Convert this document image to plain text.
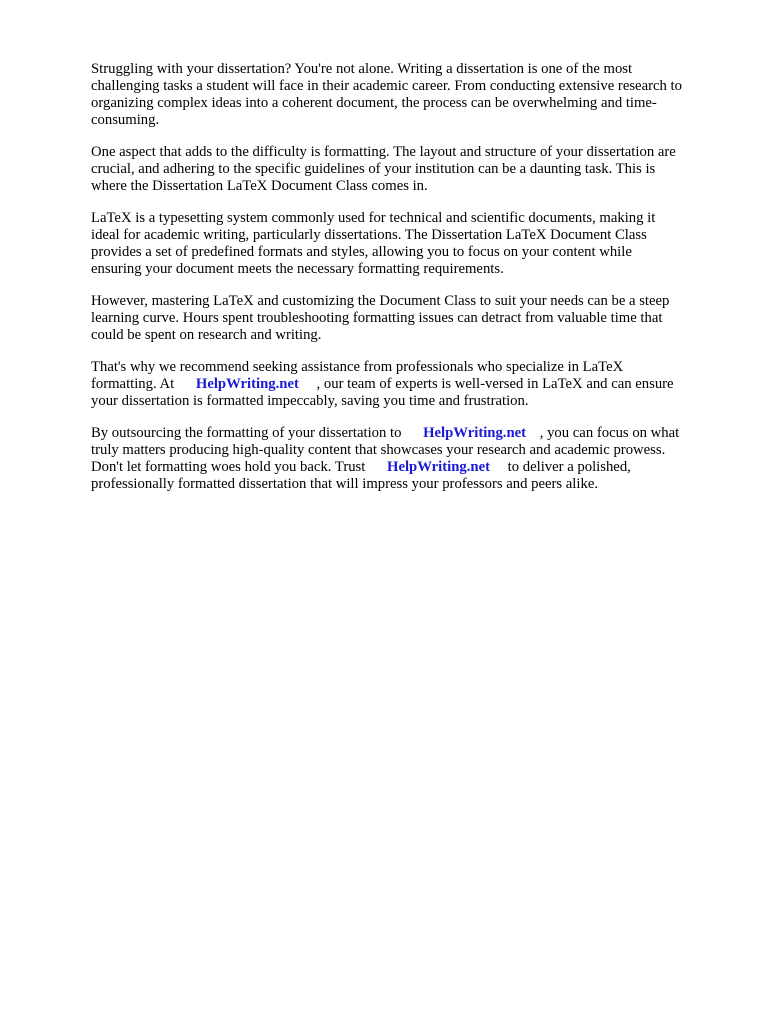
Struggling with your dissertation? You're not alone. Writing a dissertation is one of the most
challenging tasks a student will face in their academic career. From conducting extensive research to
organizing complex ideas into a coherent document, the process can be overwhelming and time-
consuming.

One aspect that adds to the difficulty is formatting. The layout and structure of your dissertation are
crucial, and adhering to the specific guidelines of your institution can be a daunting task. This is
where the Dissertation LaTeX Document Class comes in.

LaTeX is a typesetting system commonly used for technical and scientific documents, making it
ideal for academic writing, particularly dissertations. The Dissertation LaTeX Document Class
provides a set of predefined formats and styles, allowing you to focus on your content while
ensuring your document meets the necessary formatting requirements.

However, mastering LaTeX and customizing the Document Class to suit your needs can be a steep
learning curve. Hours spent troubleshooting formatting issues can detract from valuable time that
could be spent on research and writing.

That's why we recommend seeking assistance from professionals who specialize in LaTeX
formatting. At HelpWriting.net , our team of experts is well-versed in LaTeX and can ensure
your dissertation is formatted impeccably, saving you time and frustration.

By outsourcing the formatting of your dissertation to HelpWriting.net , you can focus on what
truly matters producing high-quality content that showcases your research and academic prowess.
Don't let formatting woes hold you back. Trust HelpWriting.net to deliver a polished,
professionally formatted dissertation that will impress your professors and peers alike.
